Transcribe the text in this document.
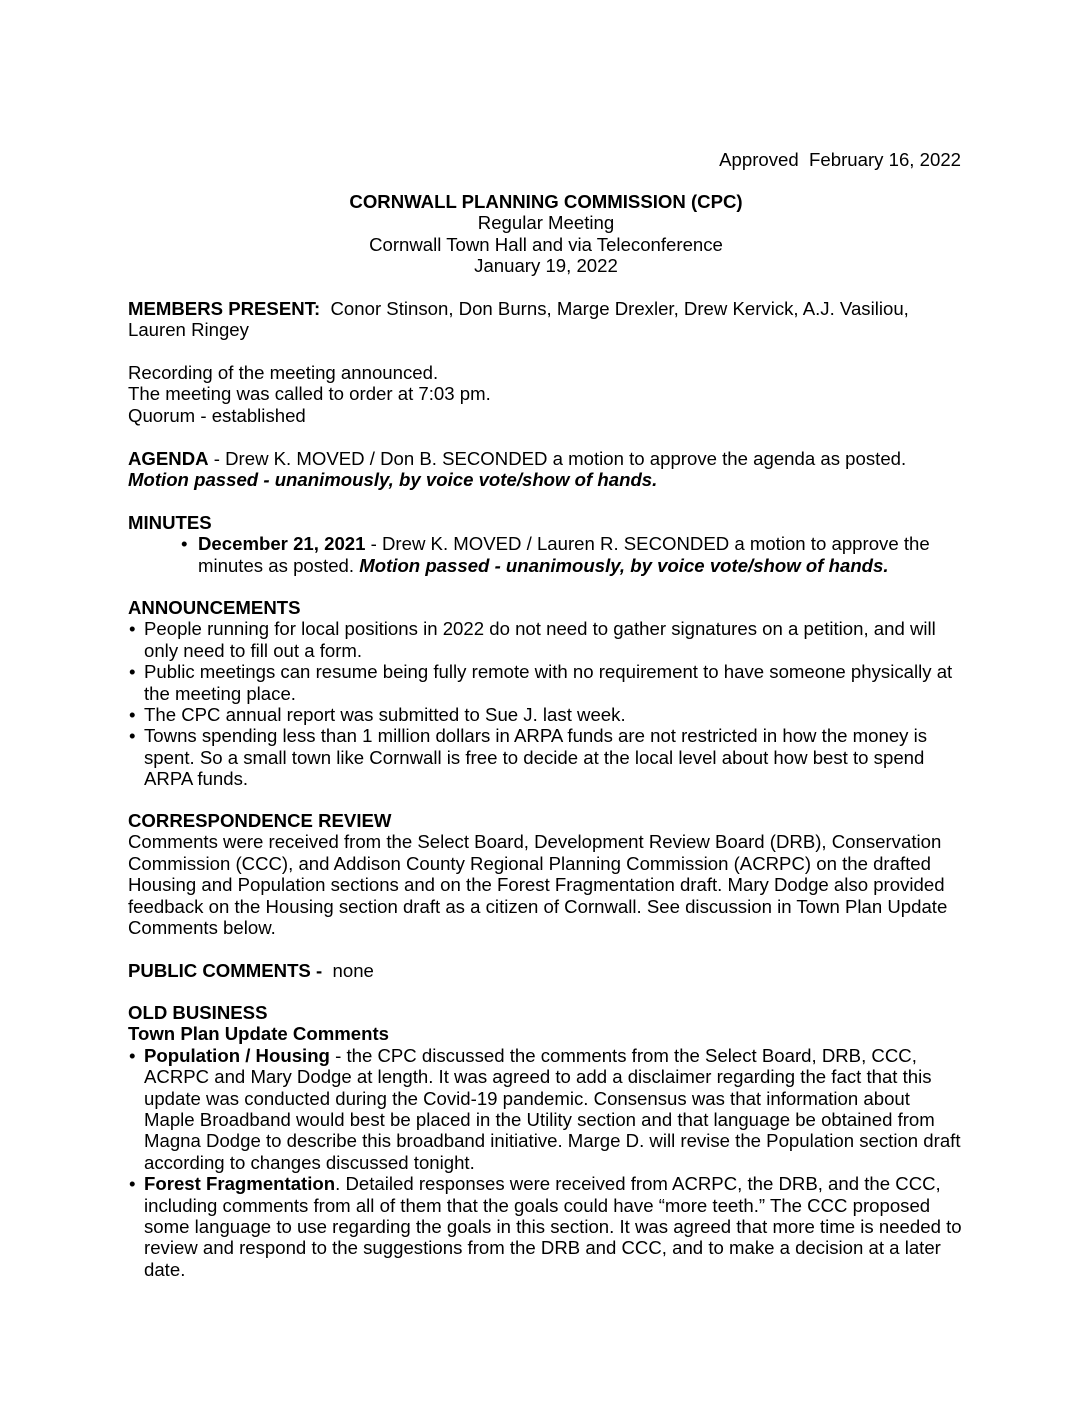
Approved  February 16, 2022
CORNWALL PLANNING COMMISSION (CPC)
Regular Meeting
Cornwall Town Hall and via Teleconference
January 19, 2022

MEMBERS PRESENT:  Conor Stinson, Don Burns, Marge Drexler, Drew Kervick, A.J. Vasiliou, Lauren Ringey

Recording of the meeting announced.

The meeting was called to order at 7:03 pm.

Quorum - established

AGENDA - Drew K. MOVED / Don B. SECONDED a motion to approve the agenda as posted.

Motion passed - unanimously, by voice vote/show of hands.

MINUTES

• December 21, 2021 - Drew K. MOVED / Lauren R. SECONDED a motion to approve the minutes as posted. Motion passed - unanimously, by voice vote/show of hands.

ANNOUNCEMENTS

• People running for local positions in 2022 do not need to gather signatures on a petition, and will only need to fill out a form.
• Public meetings can resume being fully remote with no requirement to have someone physically at the meeting place.
• The CPC annual report was submitted to Sue J. last week.
• Towns spending less than 1 million dollars in ARPA funds are not restricted in how the money is spent. So a small town like Cornwall is free to decide at the local level about how best to spend ARPA funds.

CORRESPONDENCE REVIEW

Comments were received from the Select Board, Development Review Board (DRB), Conservation Commission (CCC), and Addison County Regional Planning Commission (ACRPC) on the drafted Housing and Population sections and on the Forest Fragmentation draft. Mary Dodge also provided feedback on the Housing section draft as a citizen of Cornwall. See discussion in Town Plan Update Comments below.

PUBLIC COMMENTS -  none

OLD BUSINESS

Town Plan Update Comments

• Population / Housing - the CPC discussed the comments from the Select Board, DRB, CCC, ACRPC and Mary Dodge at length. It was agreed to add a disclaimer regarding the fact that this update was conducted during the Covid-19 pandemic. Consensus was that information about Maple Broadband would best be placed in the Utility section and that language be obtained from Magna Dodge to describe this broadband initiative. Marge D. will revise the Population section draft according to changes discussed tonight.
• Forest Fragmentation. Detailed responses were received from ACRPC, the DRB, and the CCC, including comments from all of them that the goals could have “more teeth.” The CCC proposed some language to use regarding the goals in this section. It was agreed that more time is needed to review and respond to the suggestions from the DRB and CCC, and to make a decision at a later date.
